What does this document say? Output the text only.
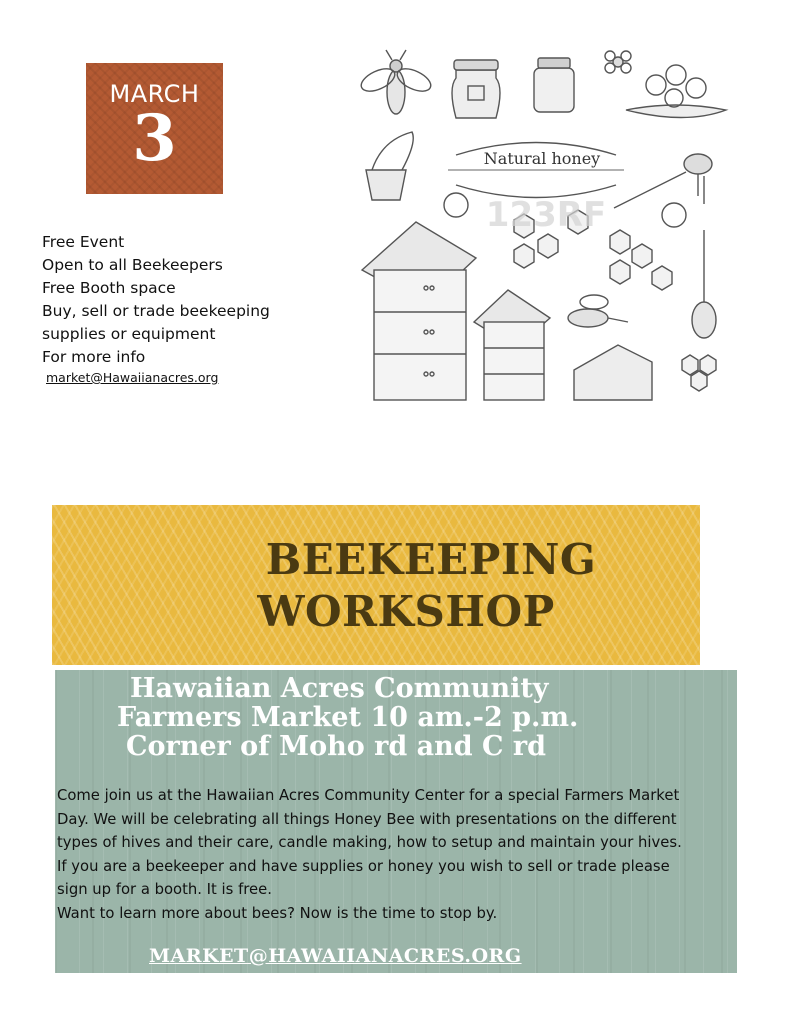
MARCH
3
Free Event
Open to all Beekeepers
Free Booth space
Buy, sell or trade beekeeping
supplies or equipment
For more info
market@Hawaiianacres.org
Natural honey
123RF
BEEKEEPING
WORKSHOP
Hawaiian Acres Community
Farmers Market 10 am.-2 p.m.
Corner of Moho rd and C rd
Come join us at the Hawaiian Acres Community Center for a special Farmers Market
Day. We will be celebrating all things Honey Bee with presentations on the different
types of hives and their care, candle making, how to setup and maintain your hives.
If you are a beekeeper and have supplies or honey you wish to sell or trade please
sign up for a booth. It is free.
Want to learn more about bees? Now is the time to stop by.
MARKET@HAWAIIANACRES.ORG
